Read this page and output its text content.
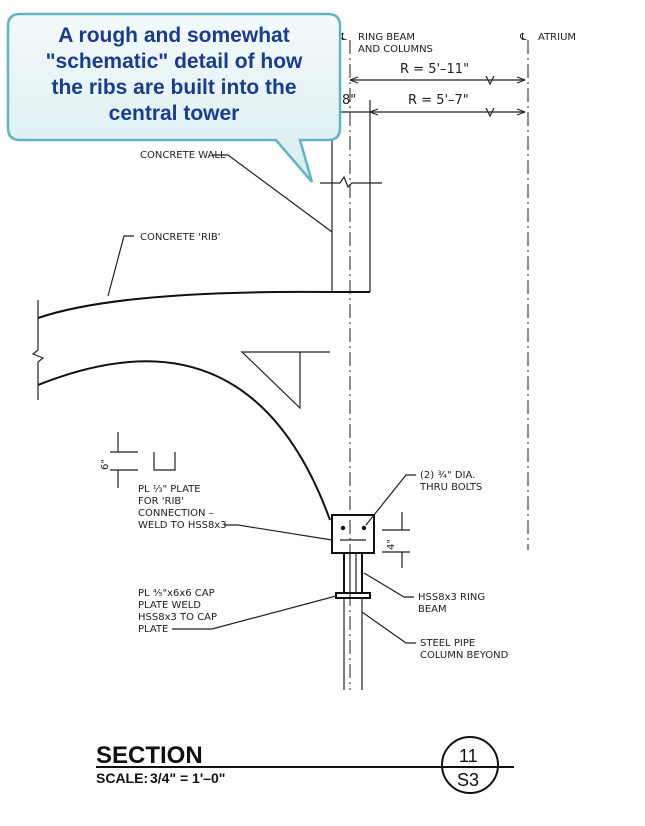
℄ RING BEAM
AND COLUMNS
℄ ATRIUM
R = 5'–11"
R = 5'–7"
8"
6"
4"
CONCRETE WALL
CONCRETE 'RIB'
PL ⅓" PLATE
FOR 'RIB'
CONNECTION –
WELD TO HSS8x3
(2) ¾" DIA.
THRU BOLTS
HSS8x3 RING
BEAM
PL ⅘"x6x6 CAP
PLATE WELD
HSS8x3 TO CAP
PLATE
STEEL PIPE
COLUMN BEYOND
SECTION
SCALE: 3/4" = 1'–0"
11
S3
A rough and somewhat
"schematic" detail of how
the ribs are built into the
central tower
